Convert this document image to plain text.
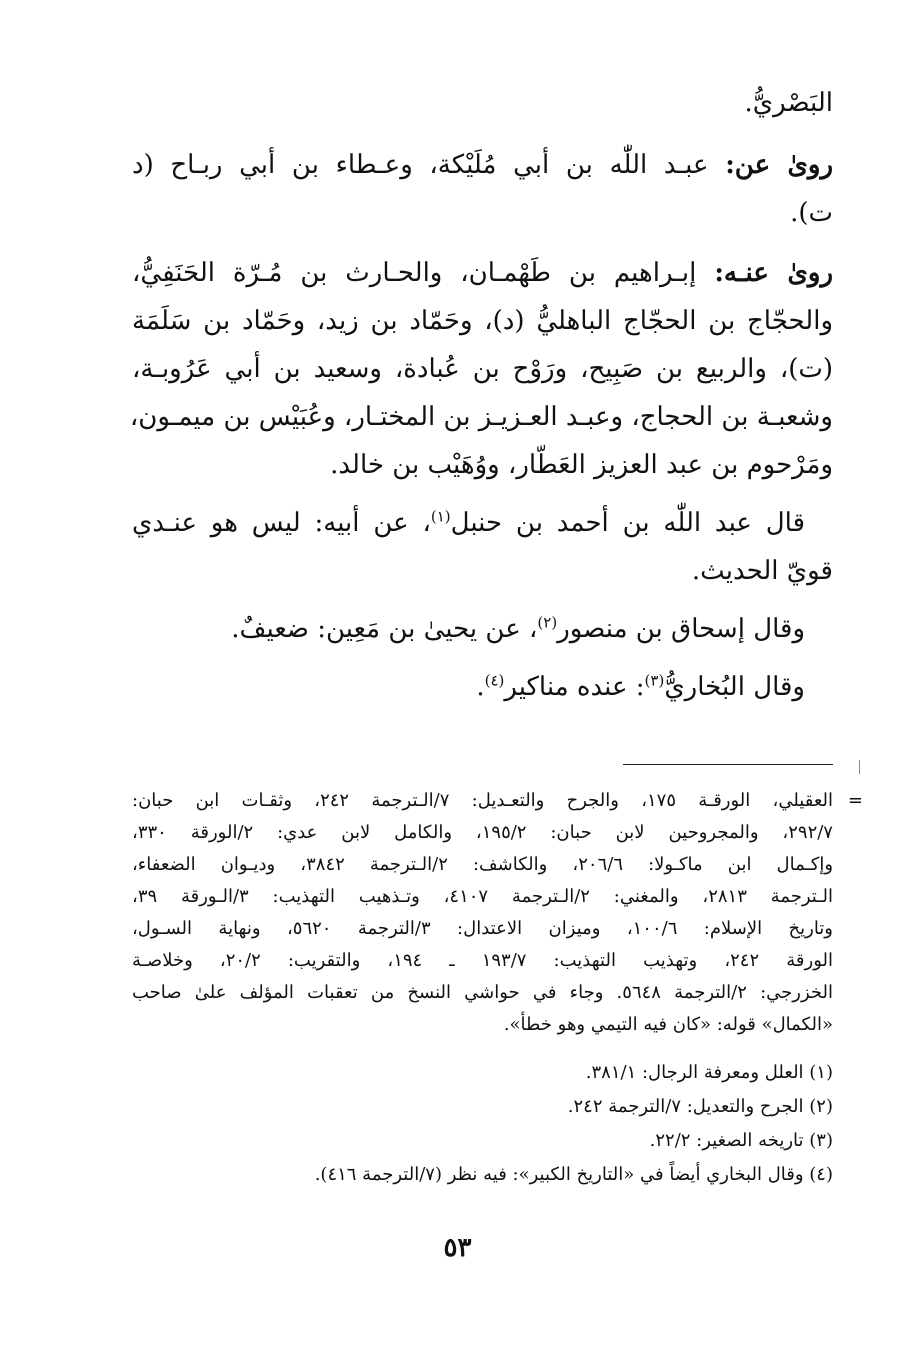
البَصْريُّ.
روىٰ عن: عبـد اللّٰه بن أبي مُلَيْكة، وعـطاء بن أبي ربـاح (د
ت).
روىٰ عنـه: إبـراهيم بن طَهْمـان، والحـارث بن مُـرّة الحَنَفِيُّ،
والحجّاج بن الحجّاج الباهليُّ (د)، وحَمّاد بن زيد، وحَمّاد بن سَلَمَة
(ت)، والربيع بن صَبِيح، ورَوْح بن عُبادة، وسعيد بن أبي عَرُوبـة،
وشعبـة بن الحجاج، وعبـد العـزيـز بن المختـار، وعُبَيْس بن ميمـون،
ومَرْحوم بن عبد العزيز العَطّار، ووُهَيْب بن خالد.
قال عبد اللّٰه بن أحمد بن حنبل$^{(١)}$، عن أبيه: ليس هو عنـدي
قويّ الحديث.
وقال إسحاق بن منصور$^{(٢)}$، عن يحيىٰ بن مَعِين: ضعيفٌ.
وقال البُخاريُّ$^{(٣)}$: عنده مناكير$^{(٤)}$.
=
العقيلي، الورقـة ١٧٥، والجرح والتعـديل: ٧/الـترجمة ٢٤٢، وثقـات ابن حبان:
٢٩٢/٧، والمجروحين لابن حبان: ١٩٥/٢، والكامل لابن عدي: ٢/الورقة ٣٣٠،
وإكـمال ابن ماكـولا: ٢٠٦/٦، والكاشف: ٢/الـترجمة ٣٨٤٢، وديـوان الضعفاء،
الـترجمة ٢٨١٣، والمغني: ٢/الـترجمة ٤١٠٧، وتـذهيب التهذيب: ٣/الـورقة ٣٩،
وتاريخ الإسلام: ١٠٠/٦، وميزان الاعتدال: ٣/الترجمة ٥٦٢٠، ونهاية السـول،
الورقة ٢٤٢، وتهذيب التهذيب: ١٩٣/٧ ـ ١٩٤، والتقريب: ٢٠/٢، وخلاصـة
الخزرجي: ٢/الترجمة ٥٦٤٨. وجاء في حواشي النسخ من تعقبات المؤلف علىٰ صاحب
«الكمال» قوله: «كان فيه التيمي وهو خطأ».
(١) العلل ومعرفة الرجال: ٣٨١/١.
(٢) الجرح والتعديل: ٧/الترجمة ٢٤٢.
(٣) تاريخه الصغير: ٢٢/٢.
(٤) وقال البخاري أيضاً في «التاريخ الكبير»: فيه نظر (٧/الترجمة ٤١٦).
٥٣
